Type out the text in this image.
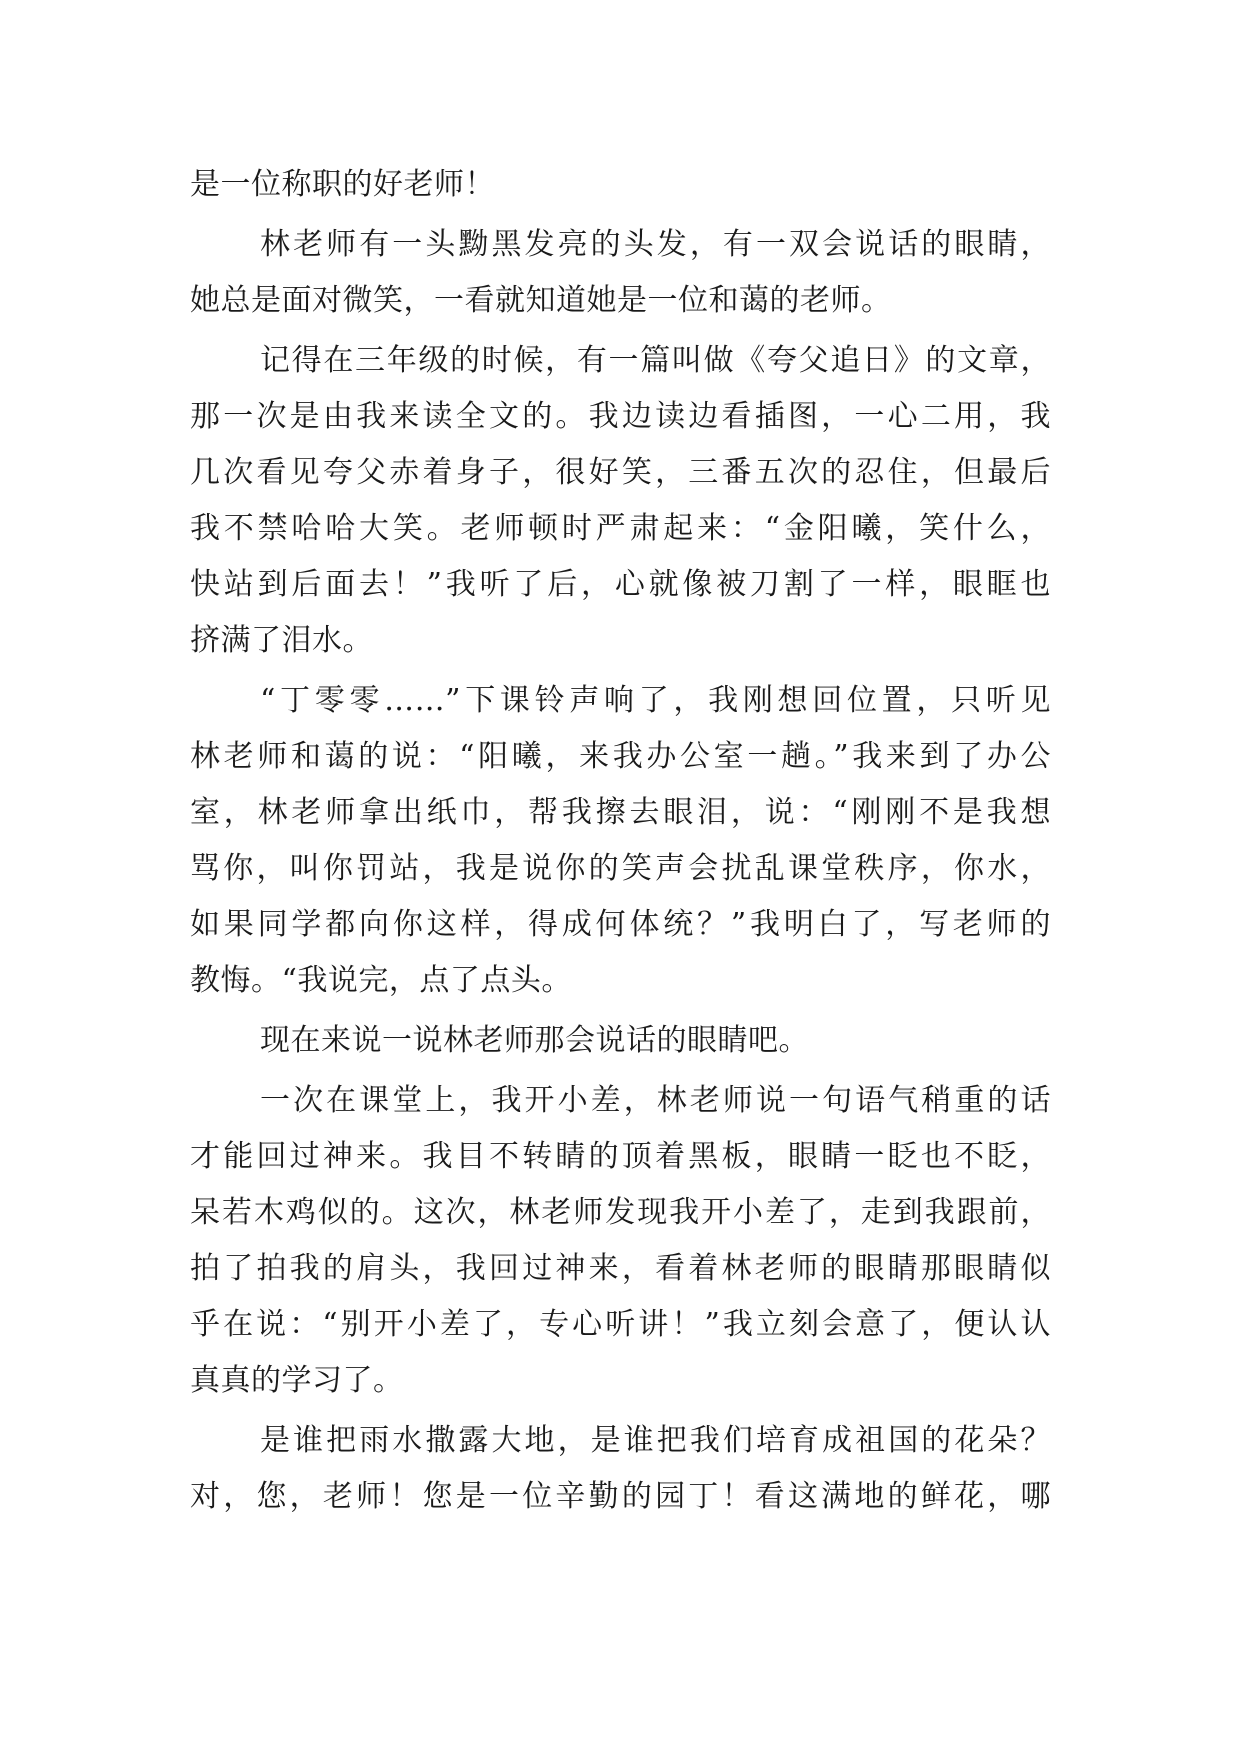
是一位称职的好老师！
林老师有一头黝黑发亮的头发，有一双会说话的眼睛，
她总是面对微笑，一看就知道她是一位和蔼的老师。
记得在三年级的时候，有一篇叫做《夸父追日》的文章，
那一次是由我来读全文的。我边读边看插图，一心二用，我
几次看见夸父赤着身子，很好笑，三番五次的忍住，但最后
我不禁哈哈大笑。老师顿时严肃起来：“金阳曦，笑什么，
快站到后面去！”我听了后，心就像被刀割了一样，眼眶也
挤满了泪水。
“丁零零……”下课铃声响了，我刚想回位置，只听见
林老师和蔼的说：“阳曦，来我办公室一趟。”我来到了办公
室，林老师拿出纸巾，帮我擦去眼泪，说：“刚刚不是我想
骂你，叫你罚站，我是说你的笑声会扰乱课堂秩序，你水，
如果同学都向你这样，得成何体统？”我明白了，写老师的
教悔。“我说完，点了点头。
现在来说一说林老师那会说话的眼睛吧。
一次在课堂上，我开小差，林老师说一句语气稍重的话
才能回过神来。我目不转睛的顶着黑板，眼睛一眨也不眨，
呆若木鸡似的。这次，林老师发现我开小差了，走到我跟前，
拍了拍我的肩头，我回过神来，看着林老师的眼睛那眼睛似
乎在说：“别开小差了，专心听讲！”我立刻会意了，便认认
真真的学习了。
是谁把雨水撒露大地，是谁把我们培育成祖国的花朵？
对，您，老师！您是一位辛勤的园丁！看这满地的鲜花，哪
